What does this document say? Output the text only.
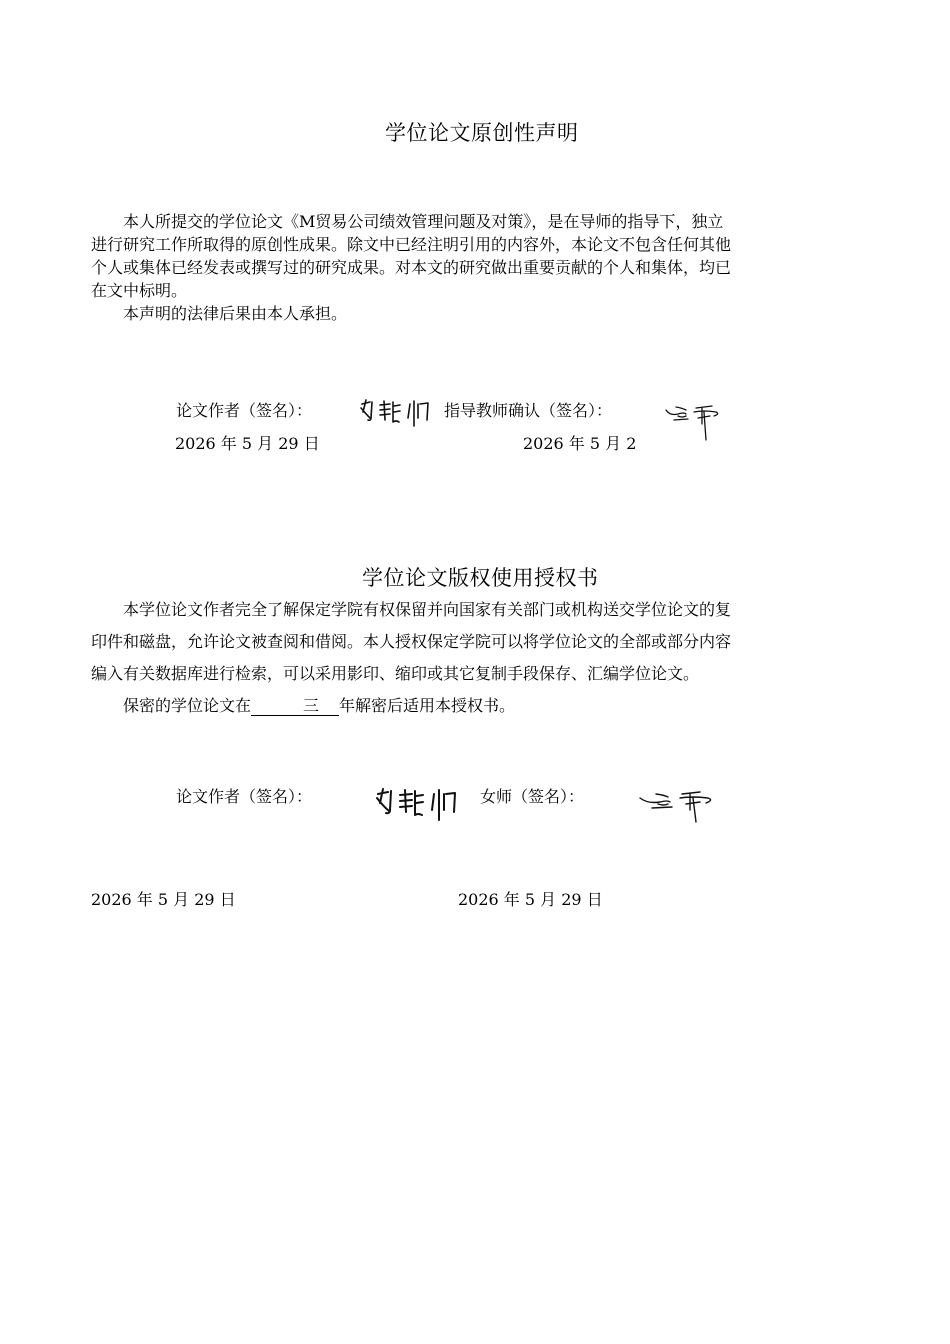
学位论文原创性声明

本人所提交的学位论文《M贸易公司绩效管理问题及对策》，是在导师的指导下，独立

进行研究工作所取得的原创性成果。除文中已经注明引用的内容外，本论文不包含任何其他

个人或集体已经发表或撰写过的研究成果。对本文的研究做出重要贡献的个人和集体，均已

在文中标明。

本声明的法律后果由本人承担。

论文作者（签名）：	指导教师确认（签名）：
2026 年 5 月 29 日	2026 年 5 月 2
学位论文版权使用授权书

本学位论文作者完全了解保定学院有权保留并向国家有关部门或机构送交学位论文的复

印件和磁盘，允许论文被查阅和借阅。本人授权保定学院可以将学位论文的全部或部分内容

编入有关数据库进行检索，可以采用影印、缩印或其它复制手段保存、汇编学位论文。

保密的学位论文在	三 年解密后适用本授权书。

论文作者（签名）：	女师（签名）：
2026 年 5 月 29 日	2026 年 5 月 29 日
